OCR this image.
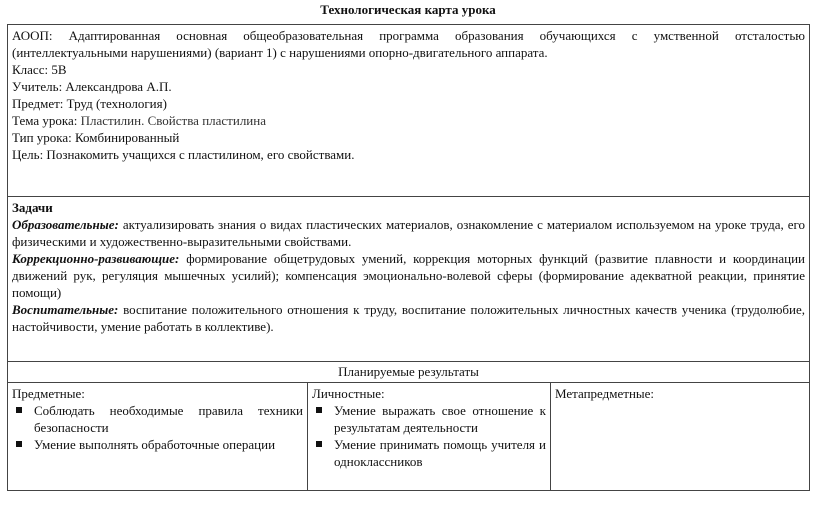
Технологическая карта урока

АООП: Адаптированная основная общеобразовательная программа образования обучающихся с умственной отсталостью (интеллектуальными нарушениями) (вариант 1) с нарушениями опорно-двигательного аппарата.

Класс: 5В

Учитель: Александрова А.П.

Предмет: Труд (технология)

Тема урока: Пластилин. Свойства пластилина

Тип урока: Комбинированный

Цель: Познакомить учащихся с пластилином, его свойствами.

Задачи

Образовательные: актуализировать знания о видах пластических материалов, ознакомление с материалом используемом на уроке труда, его физическими и художественно-выразительными свойствами.

Коррекционно-развивающие: формирование общетрудовых умений, коррекция моторных функций (развитие плавности и координации движений рук, регуляция мышечных усилий); компенсация эмоционально-волевой сферы (формирование адекватной реакции, принятие помощи)

Воспитательные: воспитание положительного отношения к труду, воспитание положительных личностных качеств ученика (трудолюбие, настойчивости, умение работать в коллективе).

Планируемые результаты

Предметные:
Соблюдать необходимые правила техники безопасности
Умение выполнять обработочные операции

Личностные:
Умение выражать свое отношение к результатам деятельности
Умение принимать помощь учителя и одноклассников

Метапредметные:
